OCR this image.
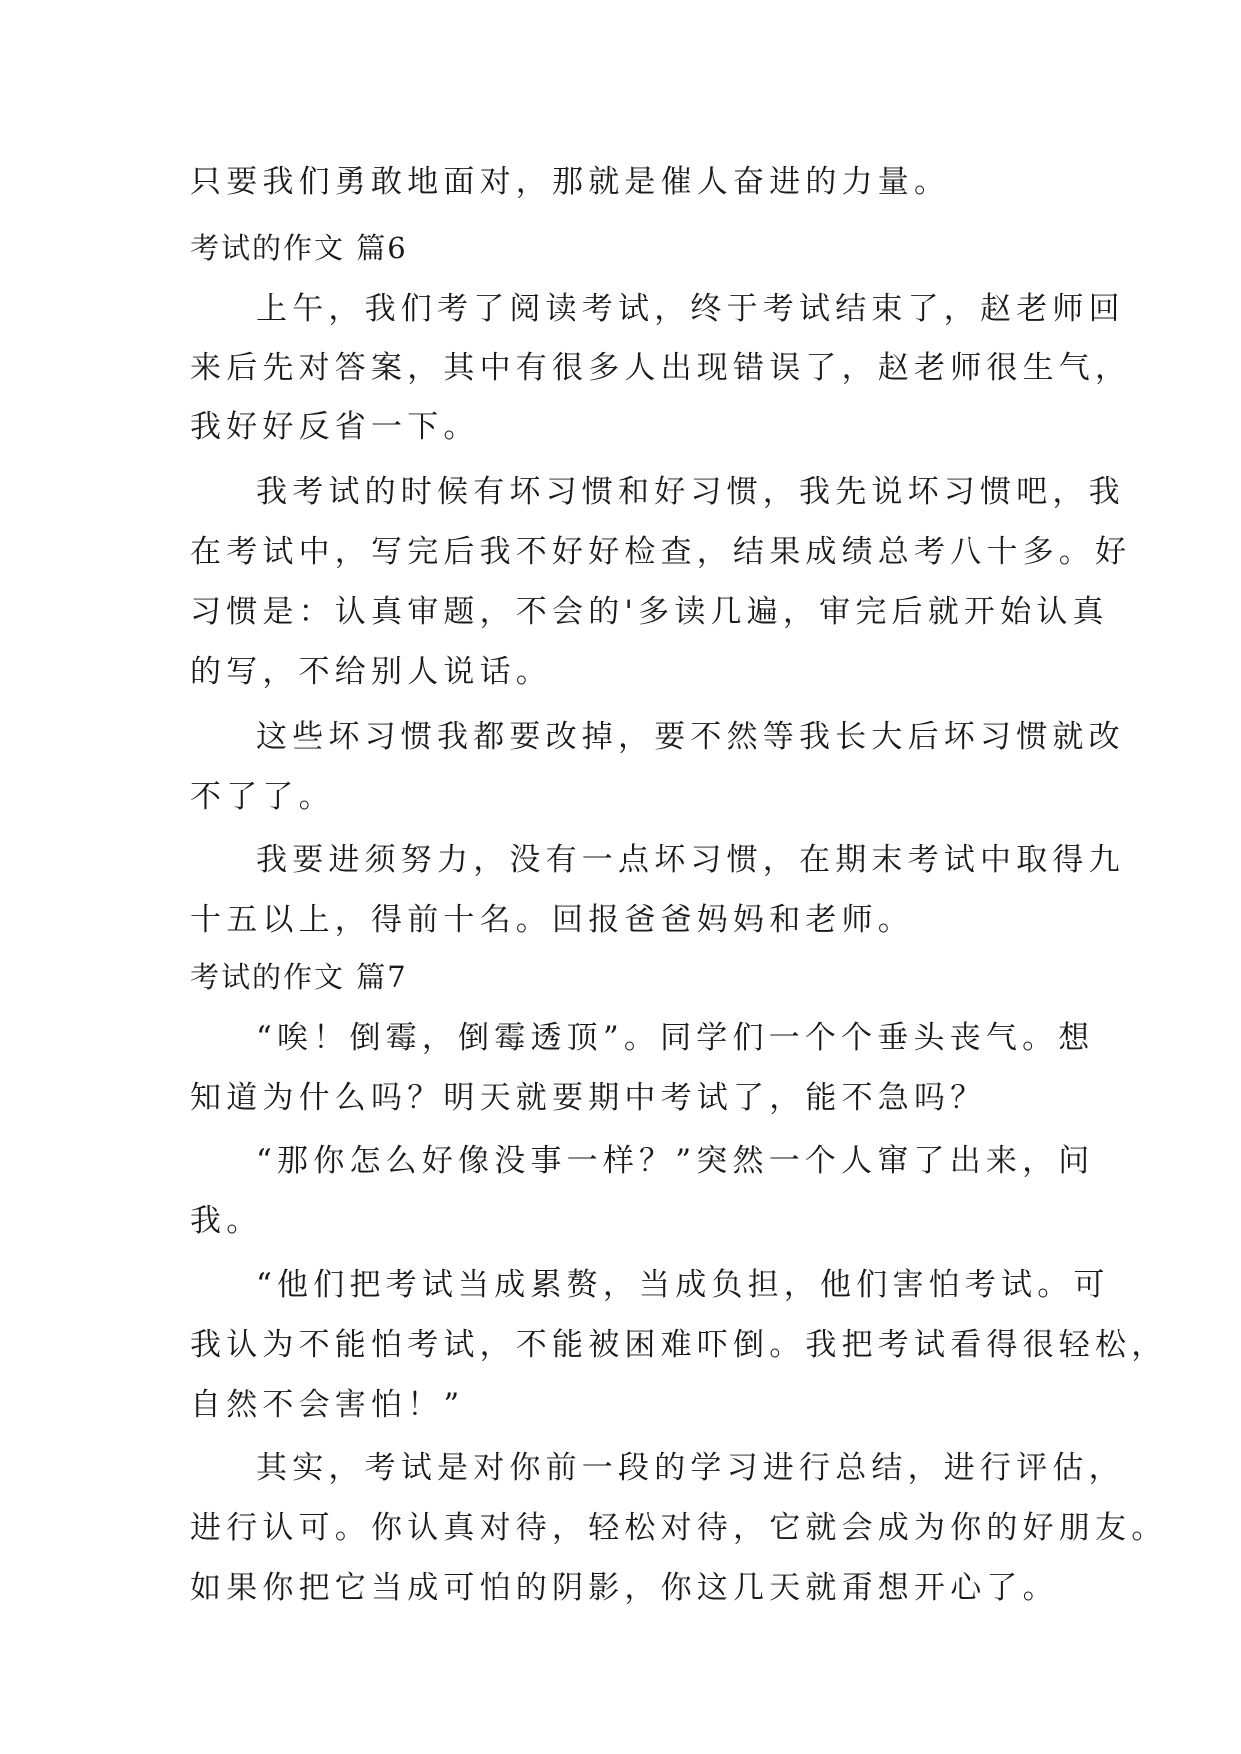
只要我们勇敢地面对，那就是催人奋进的力量。
考试的作文 篇6
上午，我们考了阅读考试，终于考试结束了，赵老师回
来后先对答案，其中有很多人出现错误了，赵老师很生气，
我好好反省一下。
我考试的时候有坏习惯和好习惯，我先说坏习惯吧，我
在考试中，写完后我不好好检查，结果成绩总考八十多。好
习惯是：认真审题，不会的'多读几遍，审完后就开始认真
的写，不给别人说话。
这些坏习惯我都要改掉，要不然等我长大后坏习惯就改
不了了。
我要进须努力，没有一点坏习惯，在期末考试中取得九
十五以上，得前十名。回报爸爸妈妈和老师。
考试的作文 篇7
“唉！倒霉，倒霉透顶”。同学们一个个垂头丧气。想
知道为什么吗？明天就要期中考试了，能不急吗？
“那你怎么好像没事一样？”突然一个人窜了出来，问
我。
“他们把考试当成累赘，当成负担，他们害怕考试。可
我认为不能怕考试，不能被困难吓倒。我把考试看得很轻松，
自然不会害怕！”
其实，考试是对你前一段的学习进行总结，进行评估，
进行认可。你认真对待，轻松对待，它就会成为你的好朋友。
如果你把它当成可怕的阴影，你这几天就甭想开心了。
